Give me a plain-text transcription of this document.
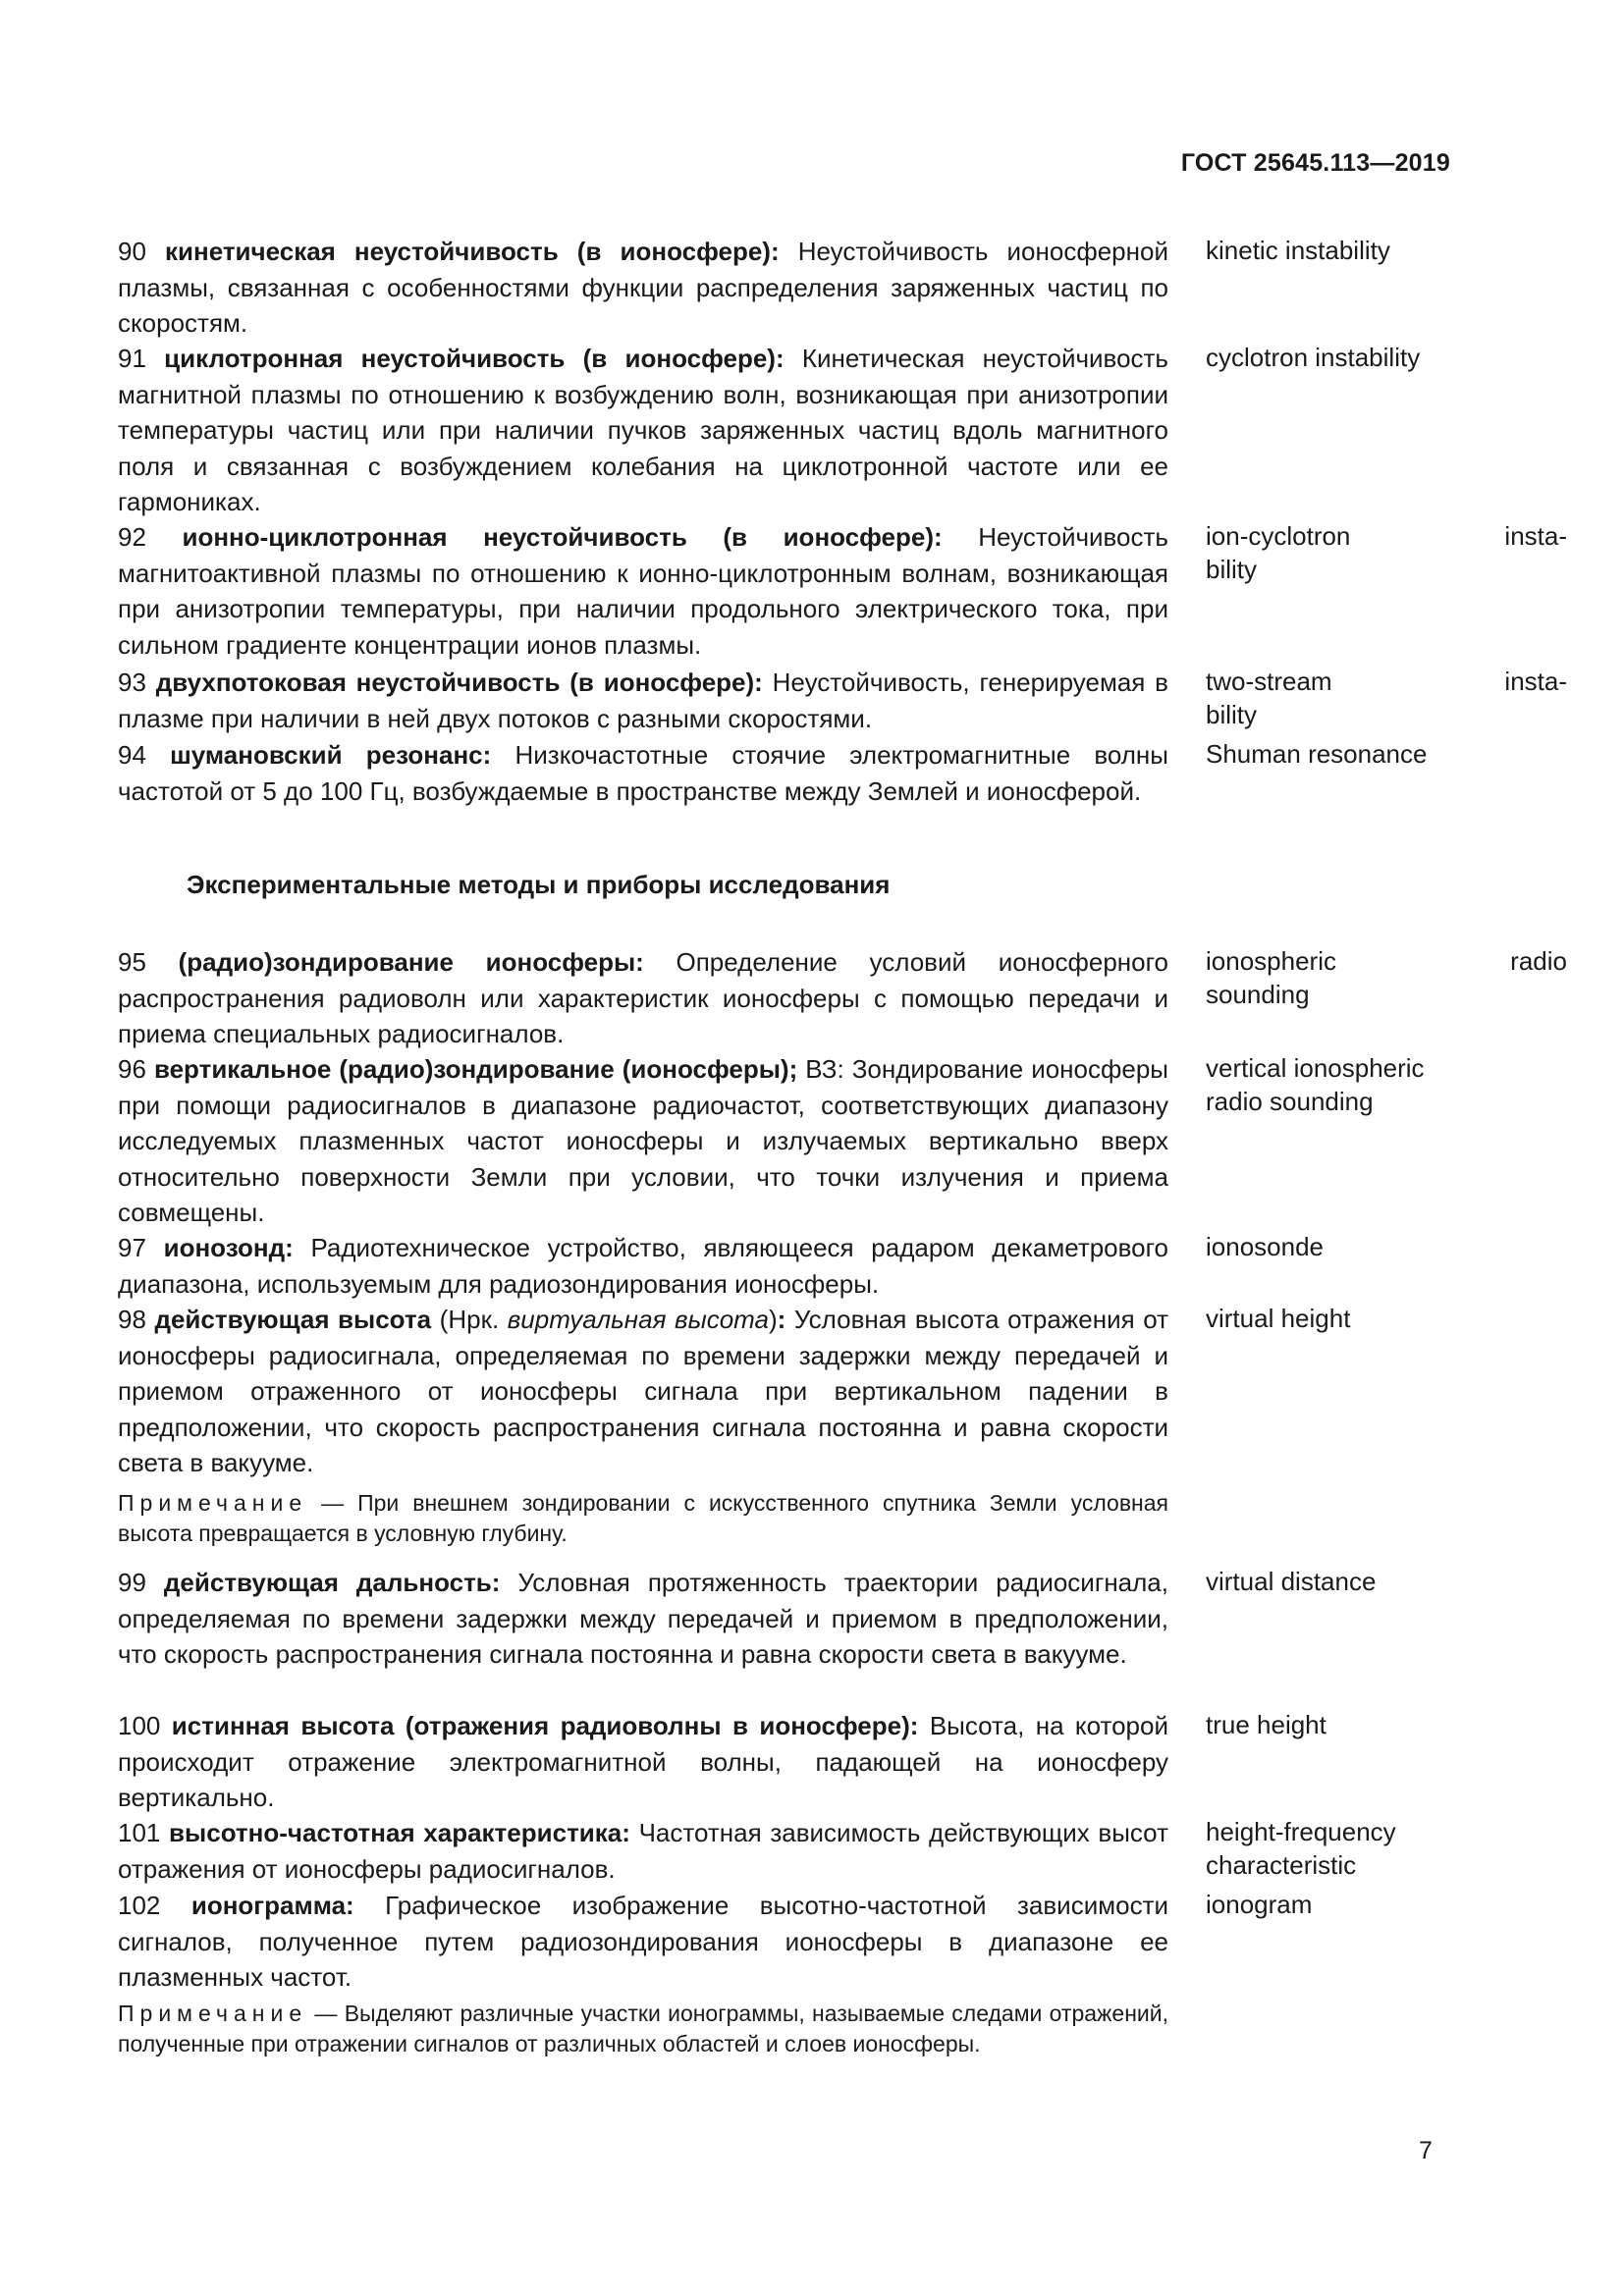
ГОСТ 25645.113—2019
90 кинетическая неустойчивость (в ионосфере): Неустойчивость ионосферной плазмы, связанная с особенностями функции распределения заряженных частиц по скоростям.
kinetic instability
91 циклотронная неустойчивость (в ионосфере): Кинетическая неустойчивость магнитной плазмы по отношению к возбуждению волн, возникающая при анизотропии температуры частиц или при наличии пучков заряженных частиц вдоль магнитного поля и связанная с возбуждением колебания на циклотронной частоте или ее гармониках.
cyclotron instability
92 ионно-циклотронная неустойчивость (в ионосфере): Неустойчивость магнитоактивной плазмы по отношению к ионно-циклотронным волнам, возникающая при анизотропии температуры, при наличии продольного электрического тока, при сильном градиенте концентрации ионов плазмы.
ion-cyclotron insta-
bility
93 двухпотоковая неустойчивость (в ионосфере): Неустойчивость, генерируемая в плазме при наличии в ней двух потоков с разными скоростями.
two-stream insta-
bility
94 шумановский резонанс: Низкочастотные стоячие электромагнитные волны частотой от 5 до 100 Гц, возбуждаемые в пространстве между Землей и ионосферой.
Shuman resonance
Экспериментальные методы и приборы исследования
95 (радио)зондирование ионосферы: Определение условий ионосферного распространения радиоволн или характеристик ионосферы с помощью передачи и приема специальных радиосигналов.
ionospheric radio
sounding
96 вертикальное (радио)зондирование (ионосферы); ВЗ: Зондирование ионосферы при помощи радиосигналов в диапазоне радиочастот, соответствующих диапазону исследуемых плазменных частот ионосферы и излучаемых вертикально вверх относительно поверхности Земли при условии, что точки излучения и приема совмещены.
vertical ionospheric
radio sounding
97 ионозонд: Радиотехническое устройство, являющееся радаром декаметрового диапазона, используемым для радиозондирования ионосферы.
ionosonde
98 действующая высота (Нрк. виртуальная высота): Условная высота отражения от ионосферы радиосигнала, определяемая по времени задержки между передачей и приемом отраженного от ионосферы сигнала при вертикальном падении в предположении, что скорость распространения сигнала постоянна и равна скорости света в вакууме.
virtual height
Примечание — При внешнем зондировании с искусственного спутника Земли условная высота превращается в условную глубину.
99 действующая дальность: Условная протяженность траектории радиосигнала, определяемая по времени задержки между передачей и приемом в предположении, что скорость распространения сигнала постоянна и равна скорости света в вакууме.
virtual distance
100 истинная высота (отражения радиоволны в ионосфере): Высота, на которой происходит отражение электромагнитной волны, падающей на ионосферу вертикально.
true height
101 высотно-частотная характеристика: Частотная зависимость действующих высот отражения от ионосферы радиосигналов.
height-frequency
characteristic
102 ионограмма: Графическое изображение высотно-частотной зависимости сигналов, полученное путем радиозондирования ионосферы в диапазоне ее плазменных частот.
ionogram
Примечание — Выделяют различные участки ионограммы, называемые следами отражений, полученные при отражении сигналов от различных областей и слоев ионосферы.
7
